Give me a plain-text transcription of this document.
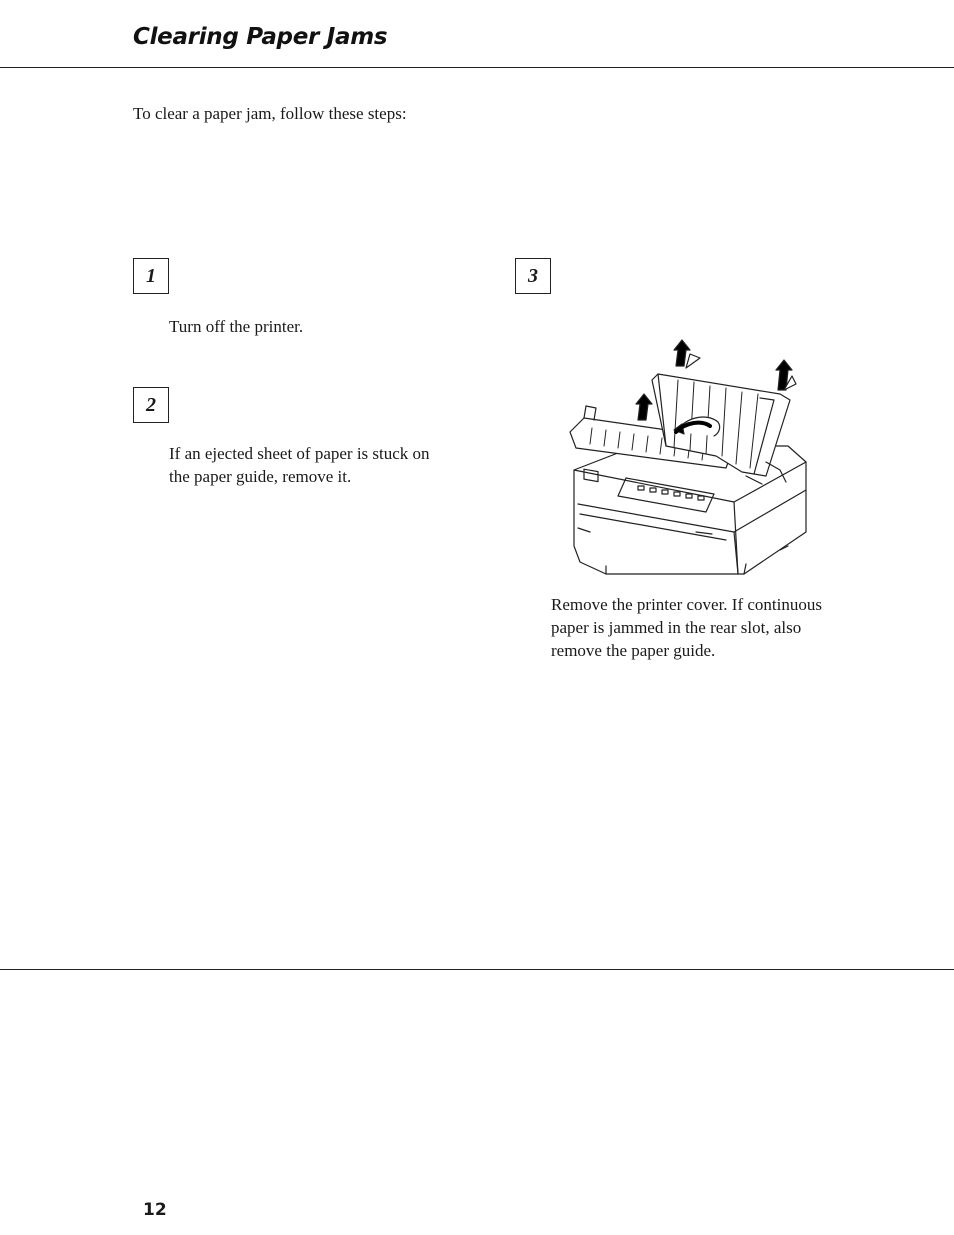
Clearing Paper Jams
To clear a paper jam, follow these steps:
1
Turn off the printer.
2
If an ejected sheet of paper is stuck on
the paper guide, remove it.
3
Remove the printer cover. If continuous
paper is jammed in the rear slot, also
remove the paper guide.
12
